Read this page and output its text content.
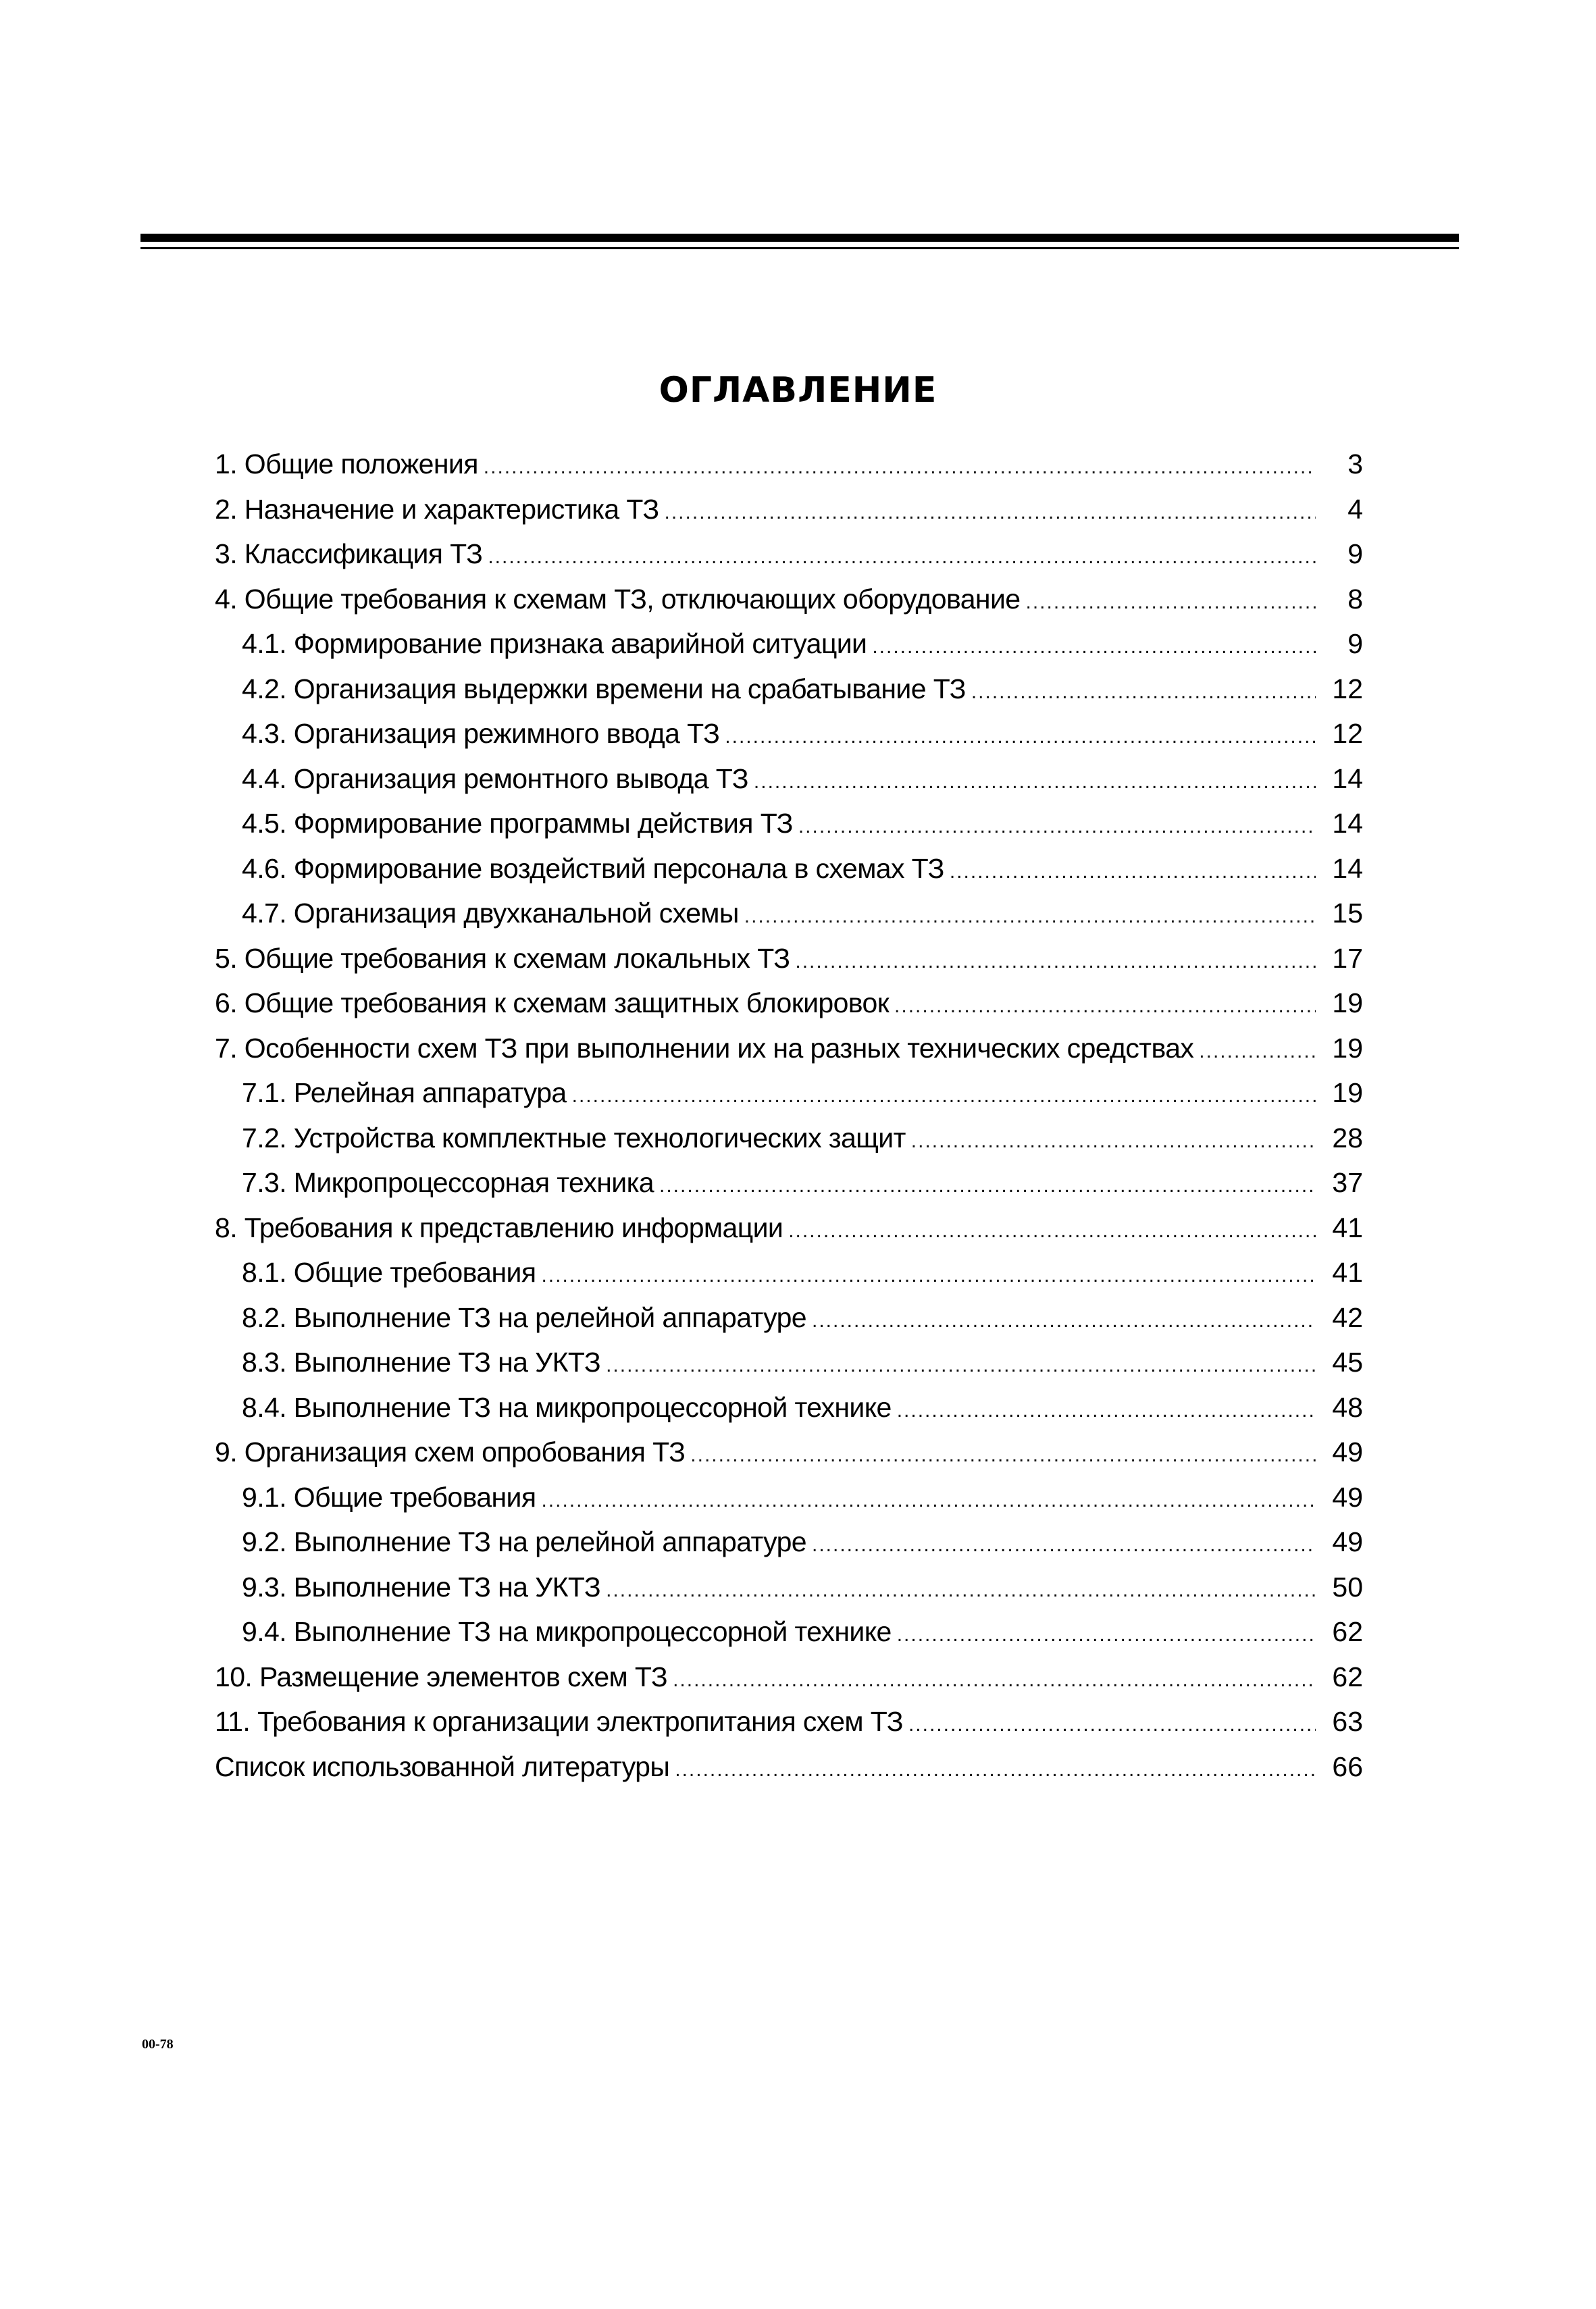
ОГЛАВЛЕНИЕ
1. Общие положения .....	3
2. Назначение и характеристика ТЗ .....	4
3. Классификация ТЗ .....	9
4. Общие требования к схемам ТЗ, отключающих оборудование .....	8
4.1. Формирование признака аварийной ситуации .....	9
4.2. Организация выдержки времени на срабатывание ТЗ .....	12
4.3. Организация режимного ввода ТЗ .....	12
4.4. Организация ремонтного вывода ТЗ .....	14
4.5. Формирование программы действия ТЗ .....	14
4.6. Формирование воздействий персонала в схемах ТЗ .....	14
4.7. Организация двухканальной схемы .....	15
5. Общие требования к схемам локальных ТЗ .....	17
6. Общие требования к схемам защитных блокировок .....	19
7. Особенности схем ТЗ при выполнении их на разных технических средствах .....	19
7.1. Релейная аппаратура .....	19
7.2. Устройства комплектные технологических защит .....	28
7.3. Микропроцессорная техника .....	37
8. Требования к представлению информации .....	41
8.1. Общие требования .....	41
8.2. Выполнение ТЗ на релейной аппаратуре .....	42
8.3. Выполнение ТЗ на УКТЗ .....	45
8.4. Выполнение ТЗ на микропроцессорной технике .....	48
9. Организация схем опробования ТЗ .....	49
9.1. Общие требования .....	49
9.2. Выполнение ТЗ на релейной аппаратуре .....	49
9.3. Выполнение ТЗ на УКТЗ .....	50
9.4. Выполнение ТЗ на микропроцессорной технике .....	62
10. Размещение элементов схем ТЗ .....	62
11. Требования к организации электропитания схем ТЗ .....	63
Список использованной литературы .....	66
00-78
